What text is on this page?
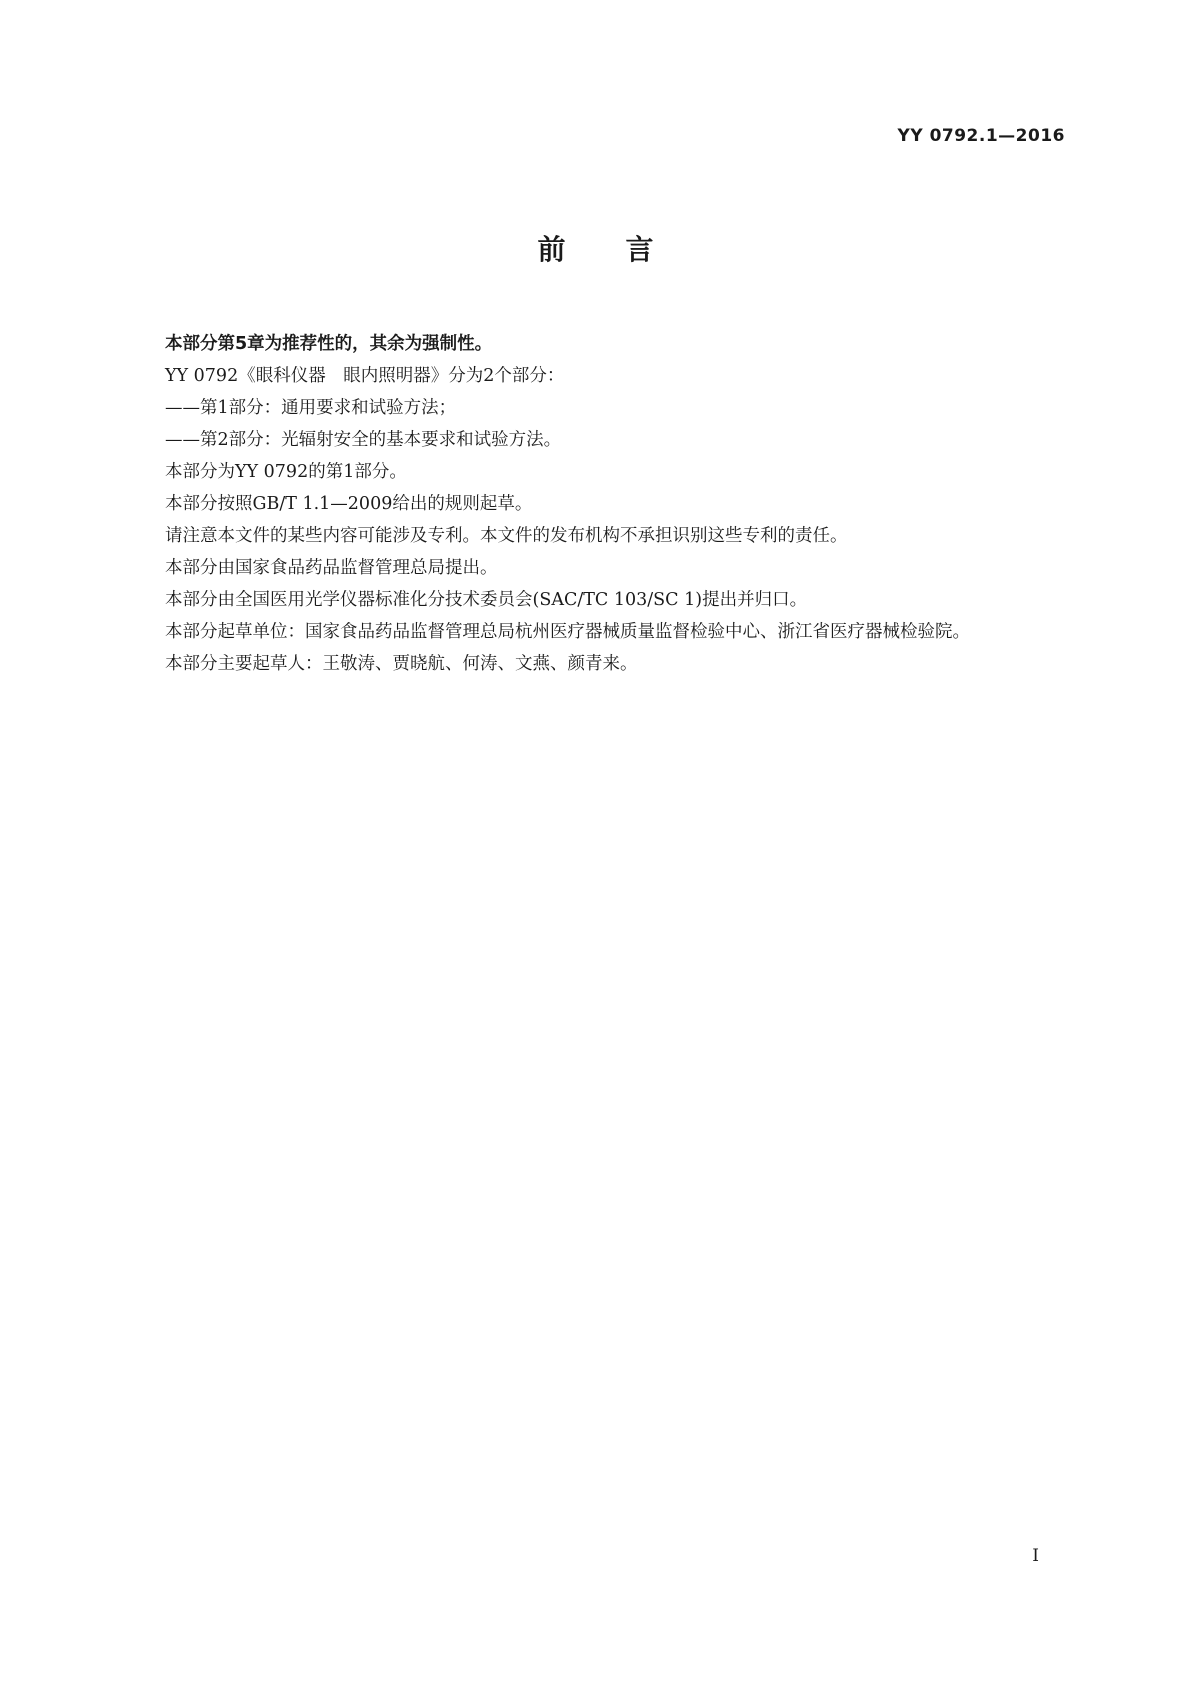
YY 0792.1—2016
前言

本部分第5章为推荐性的，其余为强制性。

YY 0792《眼科仪器　眼内照明器》分为2个部分：

——第1部分：通用要求和试验方法；

——第2部分：光辐射安全的基本要求和试验方法。

本部分为YY 0792的第1部分。

本部分按照GB/T 1.1—2009给出的规则起草。

请注意本文件的某些内容可能涉及专利。本文件的发布机构不承担识别这些专利的责任。

本部分由国家食品药品监督管理总局提出。

本部分由全国医用光学仪器标准化分技术委员会(SAC/TC 103/SC 1)提出并归口。

本部分起草单位：国家食品药品监督管理总局杭州医疗器械质量监督检验中心、浙江省医疗器械检验院。

本部分主要起草人：王敬涛、贾晓航、何涛、文燕、颜青来。

I
